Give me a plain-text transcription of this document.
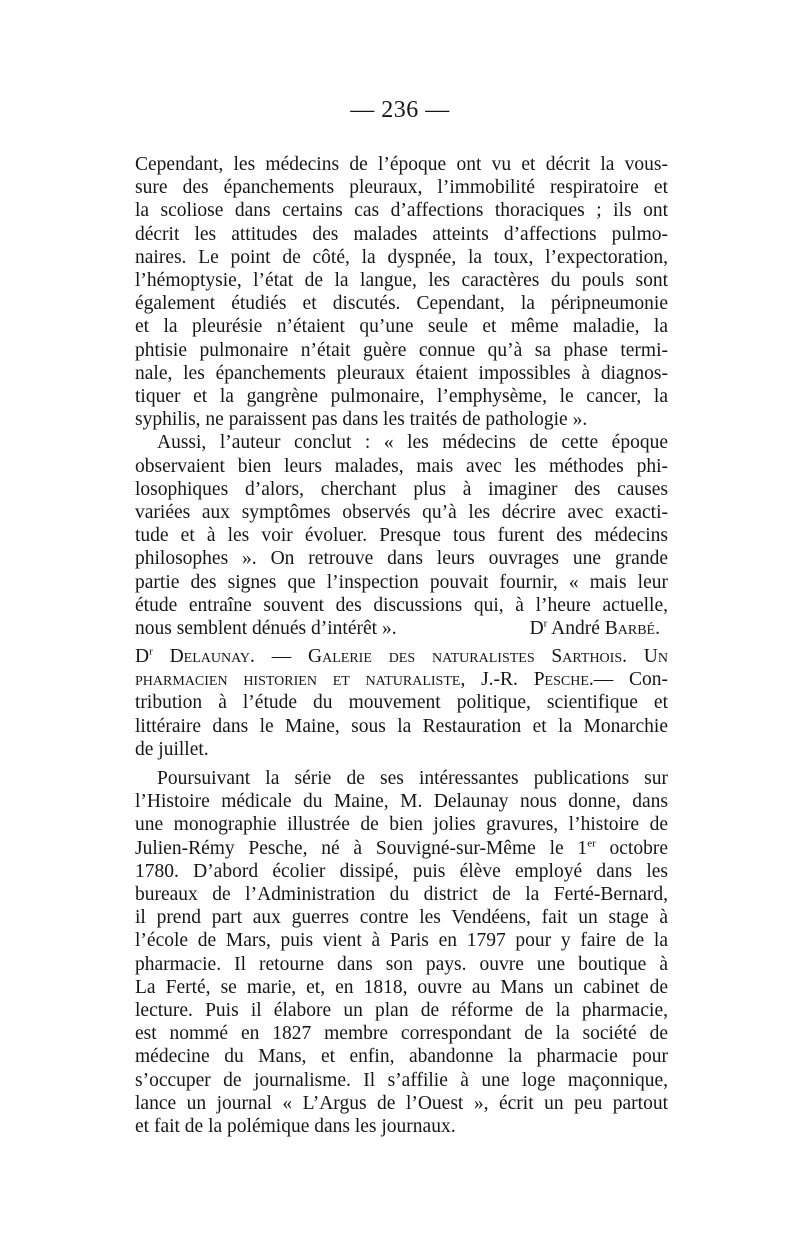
— 236 —

Cependant, les médecins de l’époque ont vu et décrit la vous-
sure des épanchements pleuraux, l’immobilité respiratoire et
la scoliose dans certains cas d’affections thoraciques ; ils ont
décrit les attitudes des malades atteints d’affections pulmo-
naires. Le point de côté, la dyspnée, la toux, l’expectoration,
l’hémoptysie, l’état de la langue, les caractères du pouls sont
également étudiés et discutés. Cependant, la péripneumonie
et la pleurésie n’étaient qu’une seule et même maladie, la
phtisie pulmonaire n’était guère connue qu’à sa phase termi-
nale, les épanchements pleuraux étaient impossibles à diagnos-
tiquer et la gangrène pulmonaire, l’emphysème, le cancer, la
syphilis, ne paraissent pas dans les traités de pathologie ».

Aussi, l’auteur conclut : « les médecins de cette époque

observaient bien leurs malades, mais avec les méthodes phi-
losophiques d’alors, cherchant plus à imaginer des causes
variées aux symptômes observés qu’à les décrire avec exacti-
tude et à les voir évoluer. Presque tous furent des médecins
philosophes ». On retrouve dans leurs ouvrages une grande
partie des signes que l’inspection pouvait fournir, « mais leur
étude entraîne souvent des discussions qui, à l’heure actuelle,
nous semblent dénués d’intérêt ».	$D^r$ André Barbé.

$D^r$ Delaunay. — Galerie des naturalistes Sarthois. Un
pharmacien historien et naturaliste, J.-R. Pesche.— Con-
tribution à l’étude du mouvement politique, scientifique et
littéraire dans le Maine, sous la Restauration et la Monarchie
de juillet.

Poursuivant la série de ses intéressantes publications sur

l’Histoire médicale du Maine, M. Delaunay nous donne, dans
une monographie illustrée de bien jolies gravures, l’histoire de
Julien-Rémy Pesche, né à Souvigné-sur-Même le 1er octobre
1780. D’abord écolier dissipé, puis élève employé dans les
bureaux de l’Administration du district de la Ferté-Bernard,
il prend part aux guerres contre les Vendéens, fait un stage à
l’école de Mars, puis vient à Paris en 1797 pour y faire de la
pharmacie. Il retourne dans son pays. ouvre une boutique à
La Ferté, se marie, et, en 1818, ouvre au Mans un cabinet de
lecture. Puis il élabore un plan de réforme de la pharmacie,
est nommé en 1827 membre correspondant de la société de
médecine du Mans, et enfin, abandonne la pharmacie pour
s’occuper de journalisme. Il s’affilie à une loge maçonnique,
lance un journal « L’Argus de l’Ouest », écrit un peu partout
et fait de la polémique dans les journaux.
